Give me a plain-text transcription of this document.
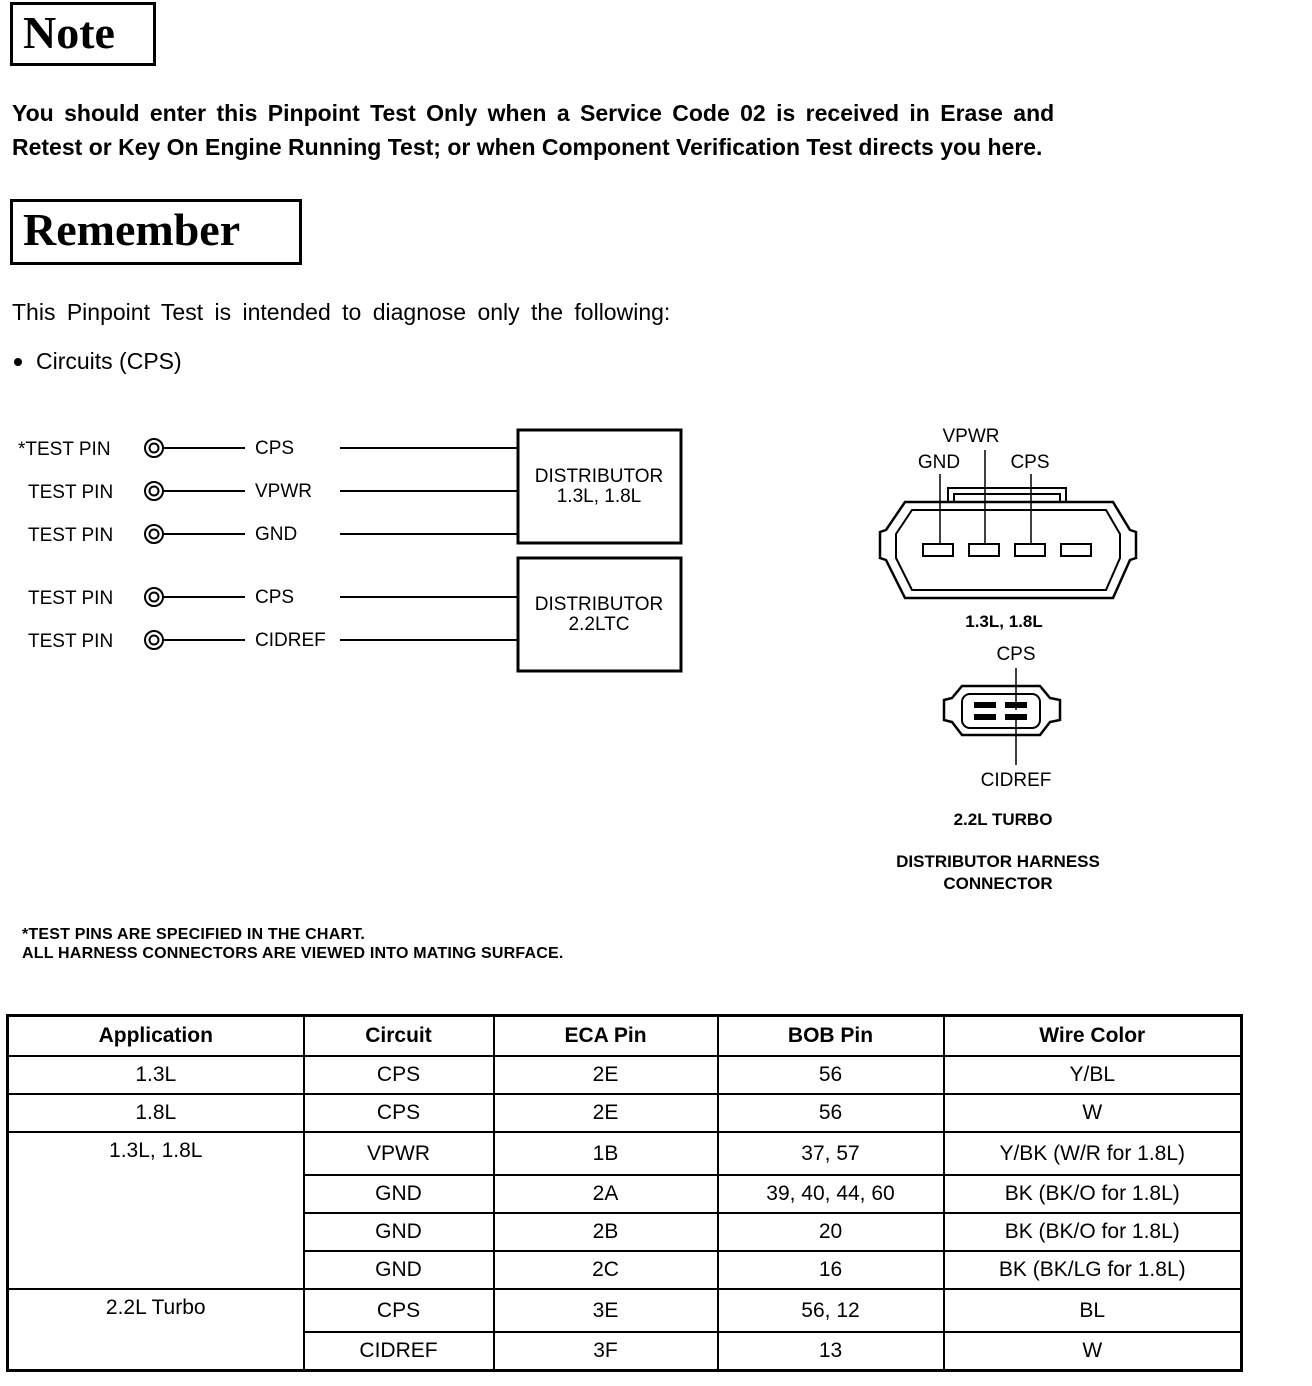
Note
You should enter this Pinpoint Test Only when a Service Code 02 is received in Erase and
Retest or Key On Engine Running Test; or when Component Verification Test directs you here.
Remember
This Pinpoint Test is intended to diagnose only the following:
Circuits (CPS)
*TEST PIN	CPS
TEST PIN	VPWR
TEST PIN	GND
TEST PIN	CPS
TEST PIN	CIDREF
DISTRIBUTOR
1.3L, 1.8L
DISTRIBUTOR
2.2LTC
VPWR
GND	CPS
1.3L, 1.8L
CPS
CIDREF
2.2L TURBO
DISTRIBUTOR HARNESS
CONNECTOR
*TEST PINS ARE SPECIFIED IN THE CHART.
ALL HARNESS CONNECTORS ARE VIEWED INTO MATING SURFACE.
Application	Circuit	ECA Pin	BOB Pin	Wire Color
1.3L	CPS	2E	56	Y/BL
1.8L	CPS	2E	56	W
1.3L, 1.8L	VPWR	1B	37, 57	Y/BK (W/R for 1.8L)
	GND	2A	39, 40, 44, 60	BK (BK/O for 1.8L)
	GND	2B	20	BK (BK/O for 1.8L)
	GND	2C	16	BK (BK/LG for 1.8L)
2.2L Turbo	CPS	3E	56, 12	BL
	CIDREF	3F	13	W
